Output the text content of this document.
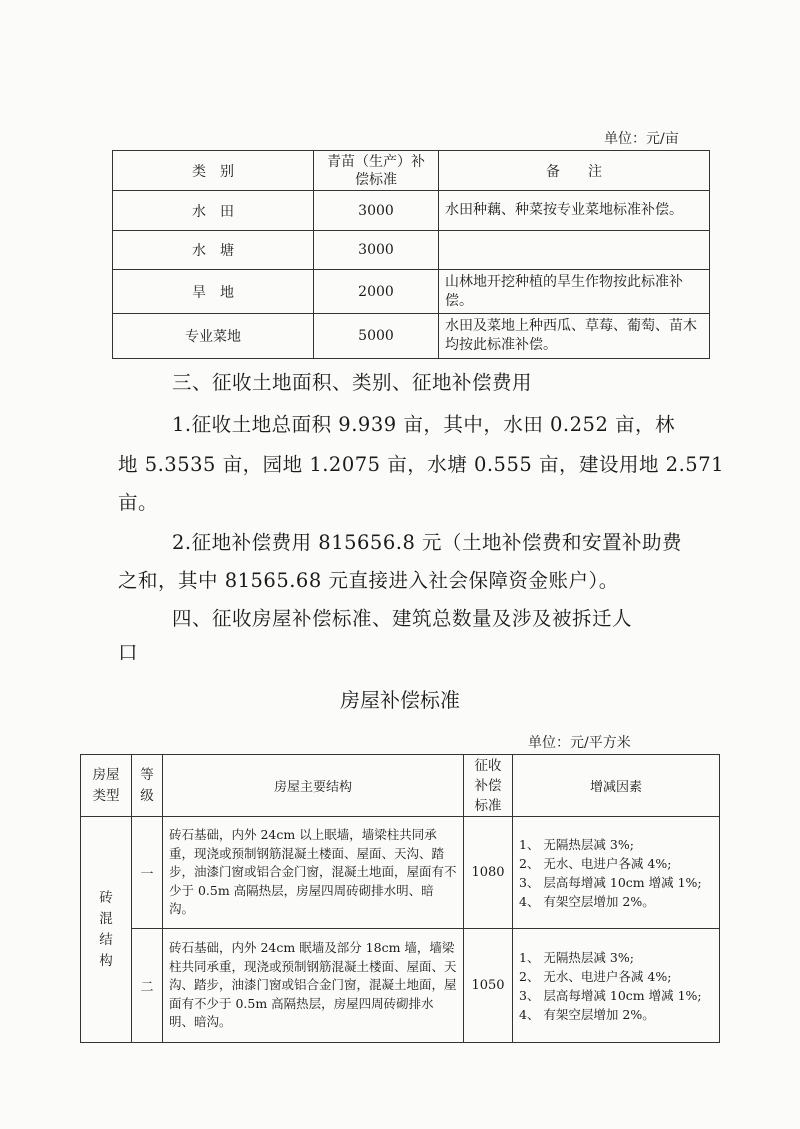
单位：元/亩
类　别	青苗（生产）补偿标准	备　　注
水　田	3000	水田种藕、种菜按专业菜地标准补偿。
水　塘	3000	
旱　地	2000	山林地开挖种植的旱生作物按此标准补偿。
专业菜地	5000	水田及菜地上种西瓜、草莓、葡萄、苗木均按此标准补偿。
三、征收土地面积、类别、征地补偿费用
1.征收土地总面积 9.939 亩，其中，水田 0.252 亩，林
地 5.3535 亩，园地 1.2075 亩，水塘 0.555 亩，建设用地 2.571
亩。
2.征地补偿费用 815656.8 元（土地补偿费和安置补助费
之和，其中 81565.68 元直接进入社会保障资金账户）。
四、征收房屋补偿标准、建筑总数量及涉及被拆迁人
口
房屋补偿标准
单位：元/平方米
房屋类型	等级	房屋主要结构	征收补偿标准	增减因素
砖混结构	一	砖石基础，内外 24cm 以上眠墙，墙梁柱共同承重，现浇或预制钢筋混凝土楼面、屋面、天沟、踏步，油漆门窗或铝合金门窗，混凝土地面，屋面有不少于 0.5m 高隔热层，房屋四周砖砌排水明、暗沟。	1080	1、 无隔热层减 3%;
2、 无水、电进户各减 4%;
3、 层高每增减 10cm 增减 1%;
4、 有架空层增加 2%。

	二	砖石基础，内外 24cm 眠墙及部分 18cm 墙，墙梁柱共同承重，现浇或预制钢筋混凝土楼面、屋面、天沟、踏步，油漆门窗或铝合金门窗，混凝土地面，屋面有不少于 0.5m 高隔热层，房屋四周砖砌排水明、暗沟。	1050	1、 无隔热层减 3%;
2、 无水、电进户各减 4%;
3、 层高每增减 10cm 增减 1%;
4、 有架空层增加 2%。
